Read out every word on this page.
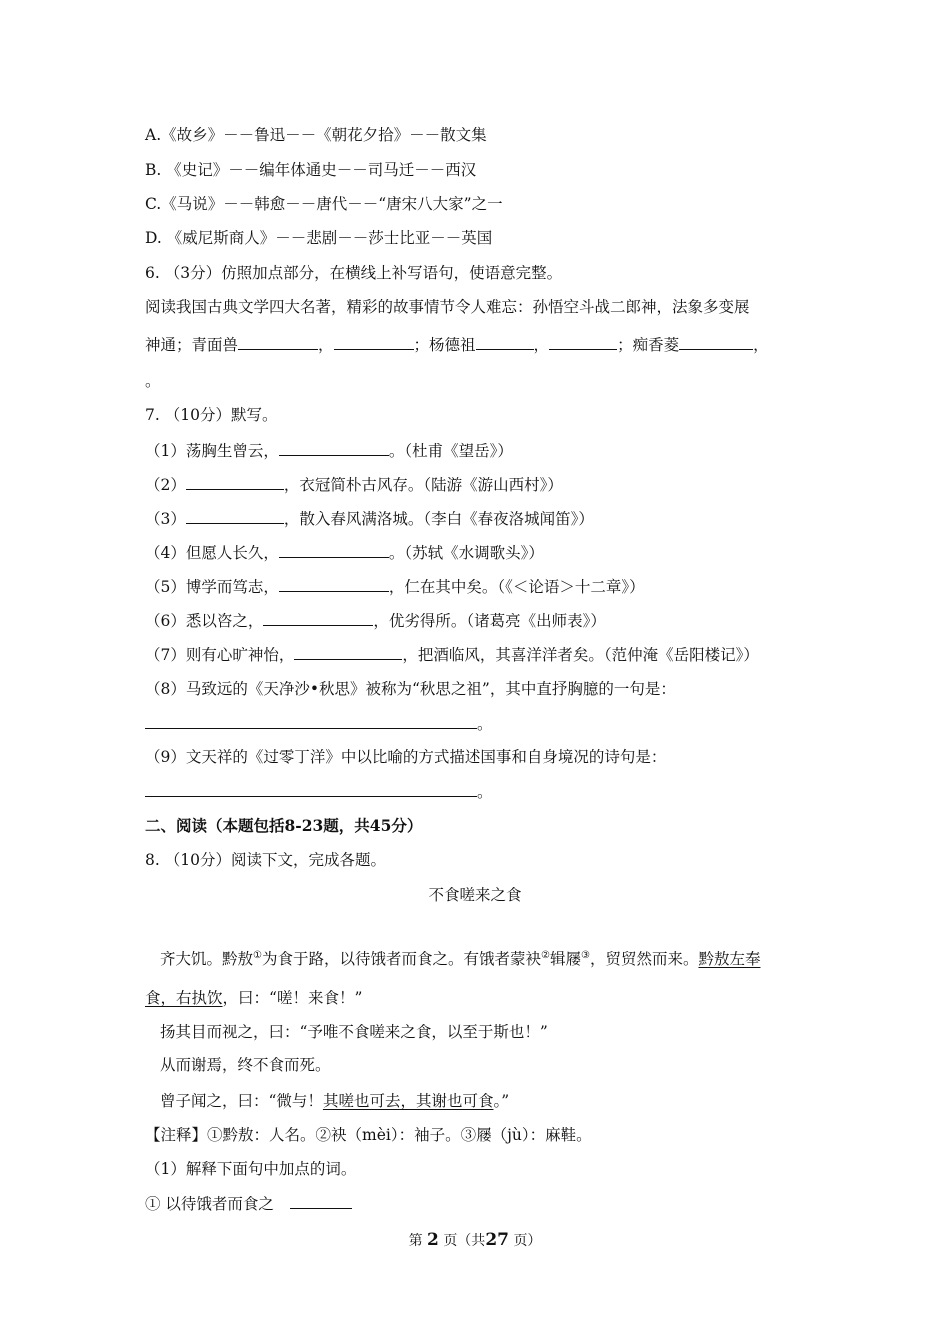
A.《故乡》－－鲁迅－－《朝花夕拾》－－散文集
B. 《史记》－－编年体通史－－司马迁－－西汉
C.《马说》－－韩愈－－唐代－－“唐宋八大家”之一
D. 《威尼斯商人》－－悲剧－－莎士比亚－－英国
6. （3分）仿照加点部分，在横线上补写语句，使语意完整。
阅读我国古典文学四大名著，精彩的故事情节令人难忘：孙悟空斗战二郎神，法象多变展
神通；青面兽	，	；杨德祖	，	；痴香菱	，
。
7. （10分）默写。
（1）荡胸生曾云，	。（杜甫《望岳》）
（2）	，衣冠简朴古风存。（陆游《游山西村》）
（3）	，散入春风满洛城。（李白《春夜洛城闻笛》）
（4）但愿人长久，	。（苏轼《水调歌头》）
（5）博学而笃志，	，仁在其中矣。（《＜论语＞十二章》）
（6）悉以咨之，	，优劣得所。（诸葛亮《出师表》）
（7）则有心旷神怡，	，把酒临风，其喜洋洋者矣。（范仲淹《岳阳楼记》）
（8）马致远的《天净沙•秋思》被称为“秋思之祖”，其中直抒胸臆的一句是：
。
（9）文天祥的《过零丁洋》中以比喻的方式描述国事和自身境况的诗句是：
。
二、阅读（本题包括8-23题，共45分）
8. （10分）阅读下文，完成各题。
不食嗟来之食
齐大饥。黔敖①为食于路，以待饿者而食之。有饿者蒙袂②辑屦③，贸贸然而来。黔敖左奉
食，右执饮，曰：“嗟！来食！”
扬其目而视之，曰：“予唯不食嗟来之食，以至于斯也！”
从而谢焉，终不食而死。
曾子闻之，曰：“微与！其嗟也可去，其谢也可食。”
【注释】①黔敖：人名。②袂（mèi）：袖子。③屦（jù）：麻鞋。
（1）解释下面句中加点的词。
① 以待饿者而食之
第 2 页（共27 页）
